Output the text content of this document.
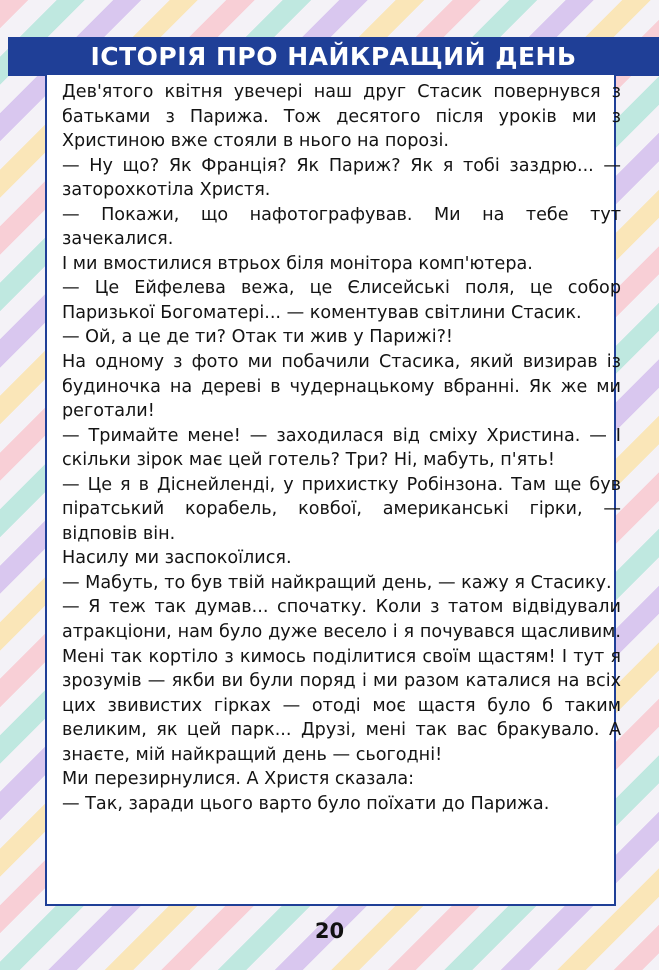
ІСТОРІЯ ПРО НАЙКРАЩИЙ ДЕНЬ

Дев'ятого квітня увечері наш друг Стасик повернувся з батьками з Парижа. Тож десятого після уроків ми з Христиною вже стояли в нього на порозі.

— Ну що? Як Франція? Як Париж? Як я тобі заздрю... — заторохкотіла Христя.

— Покажи, що нафотографував. Ми на тебе тут зачекалися.

І ми вмостилися втрьох біля монітора комп'ютера.

— Це Ейфелева вежа, це Єлисейські поля, це собор Паризької Богоматері... — коментував світлини Стасик.

— Ой, а це де ти? Отак ти жив у Парижі?!

На одному з фото ми побачили Стасика, який визирав із будиночка на дереві в чудернацькому вбранні. Як же ми реготали!

— Тримайте мене! — заходилася від сміху Христина. — І скільки зірок має цей готель? Три? Ні, мабуть, п'ять!

— Це я в Діснейленді, у прихистку Робінзона. Там ще був піратський корабель, ковбої, американські гірки, — відповів він.

Насилу ми заспокоїлися.

— Мабуть, то був твій найкращий день, — кажу я Стасику.

— Я теж так думав... спочатку. Коли з татом відвідували атракціони, нам було дуже весело і я почувався щасливим. Мені так кортіло з кимось поділитися своїм щастям! І тут я зрозумів — якби ви були поряд і ми разом каталися на всіх цих звивистих гірках — отоді моє щастя було б таким великим, як цей парк... Друзі, мені так вас бракувало. А знаєте, мій найкращий день — сьогодні!

Ми перезирнулися. А Христя сказала:

— Так, заради цього варто було поїхати до Парижа.

20
